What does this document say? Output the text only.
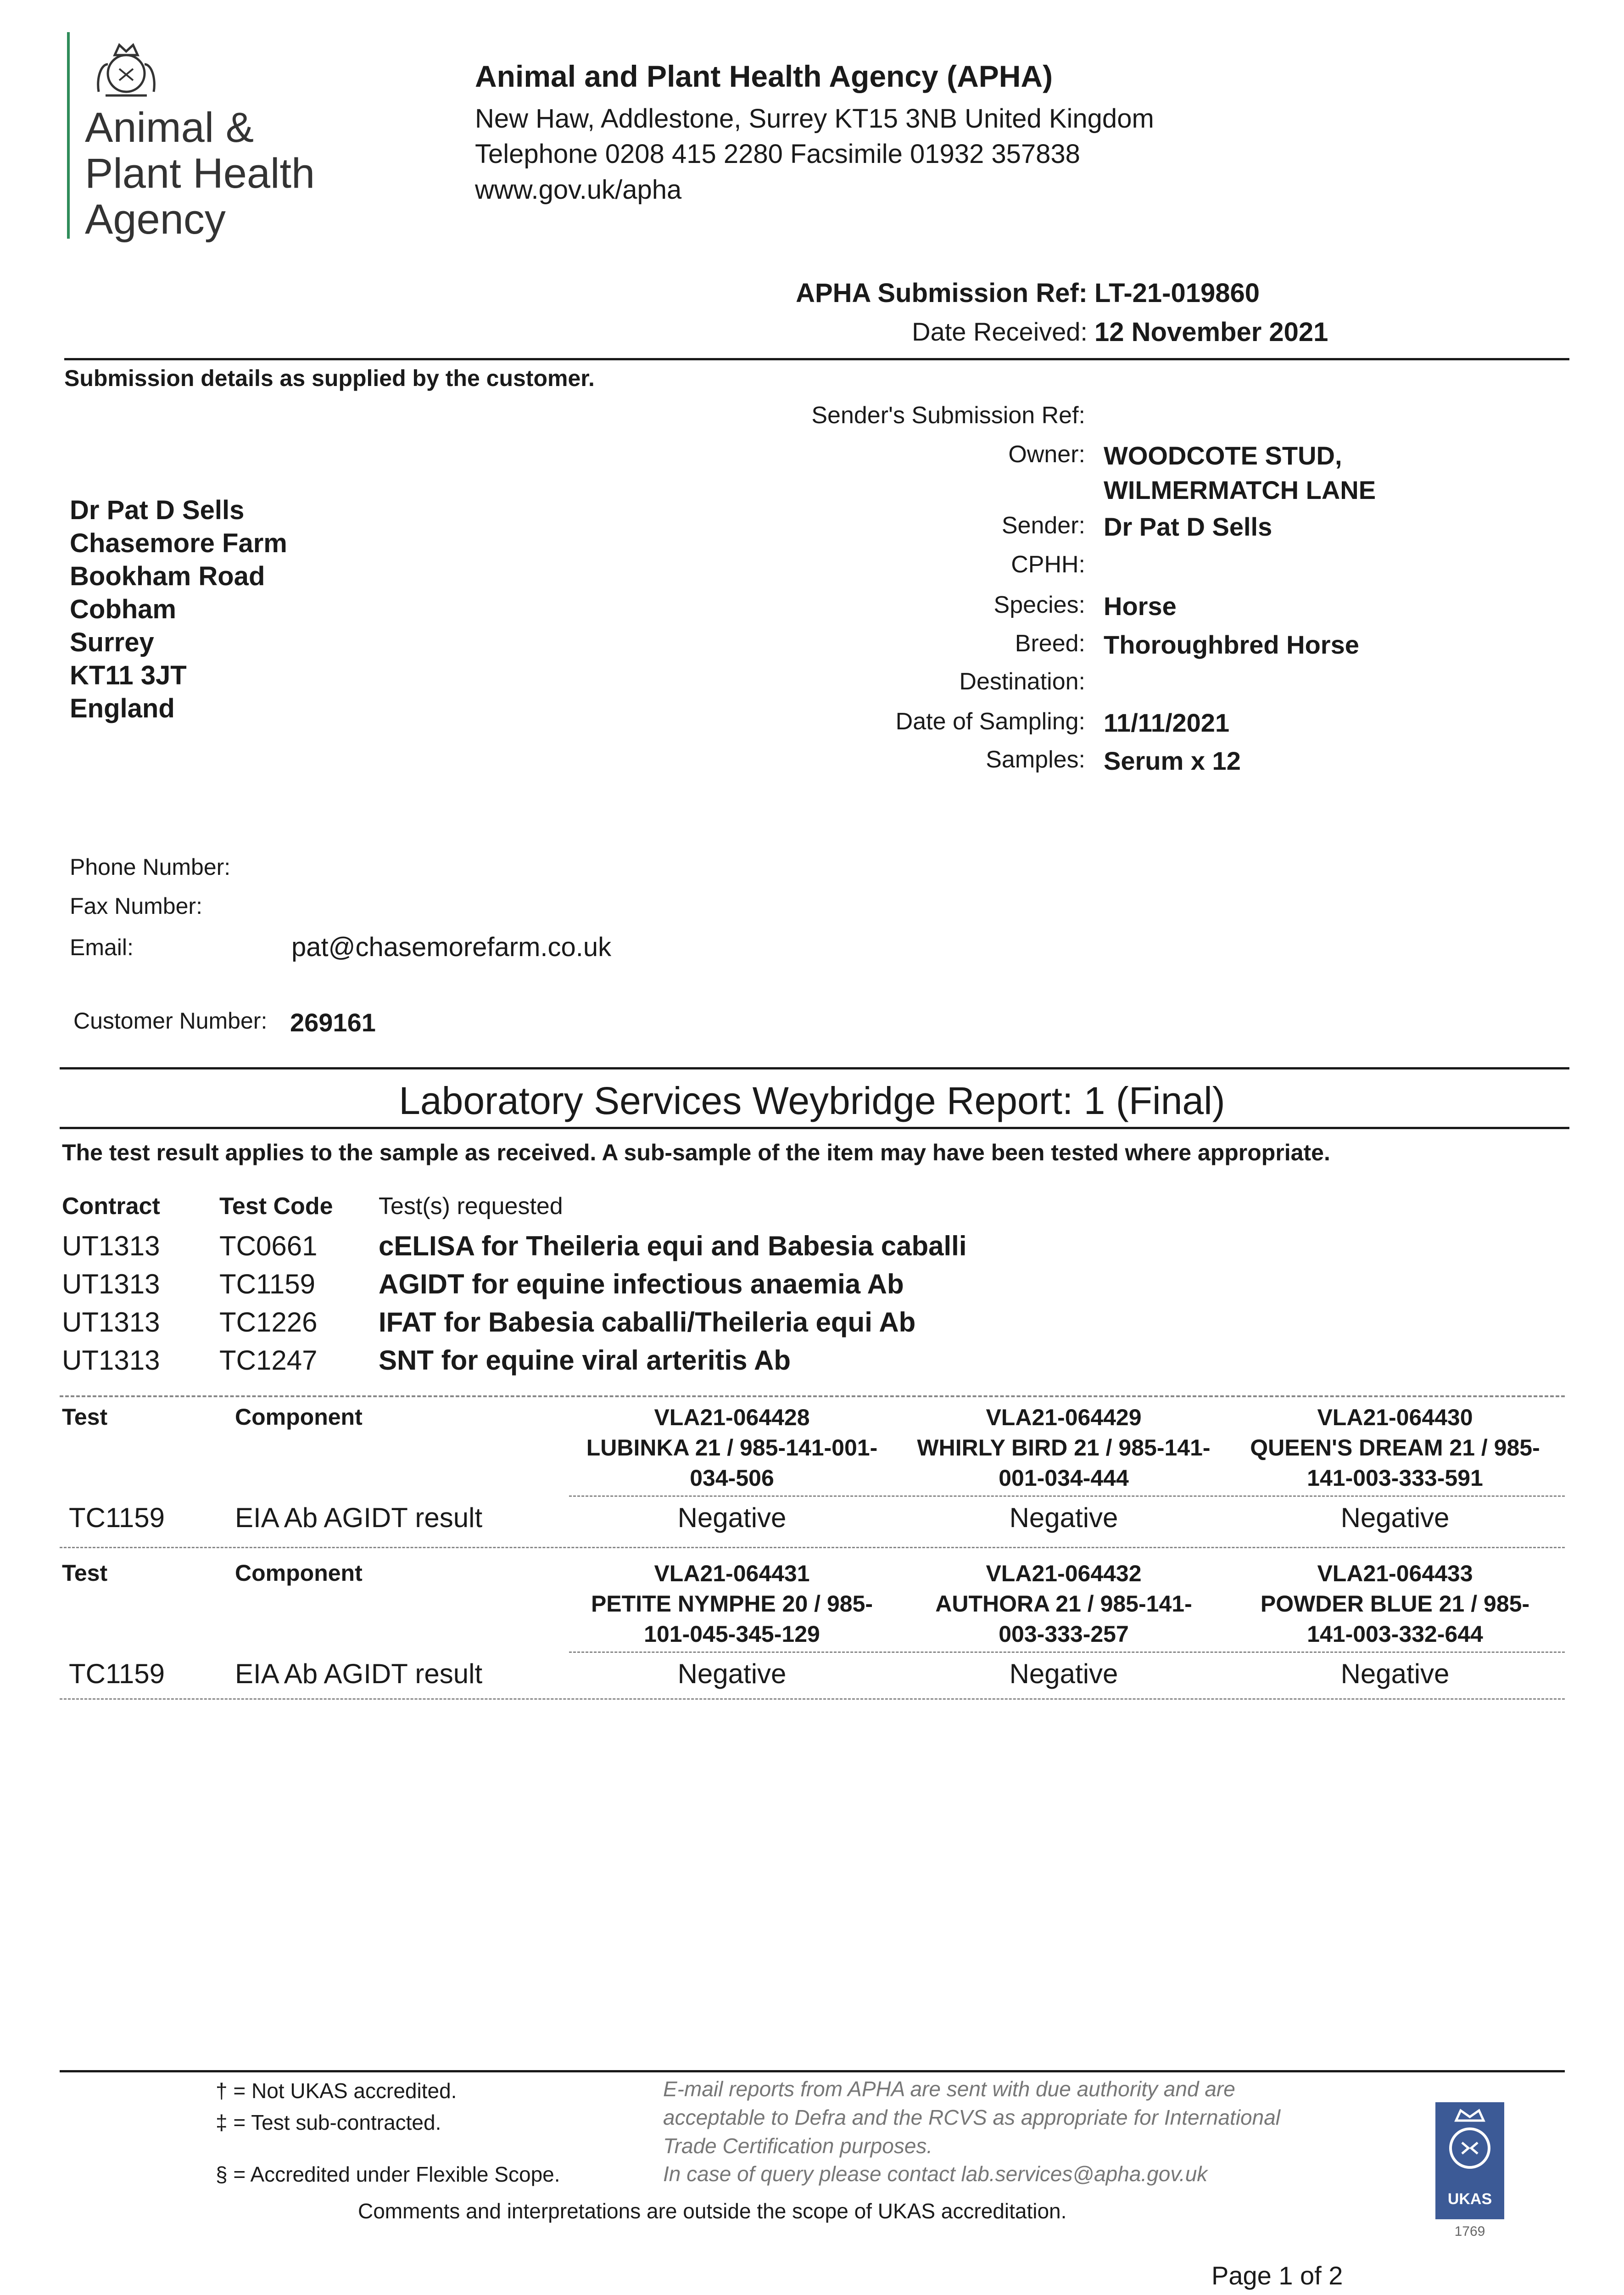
Animal &
Plant Health
Agency
Animal and Plant Health Agency (APHA)
New Haw, Addlestone, Surrey KT15 3NB United Kingdom
Telephone 0208 415 2280 Facsimile 01932 357838
www.gov.uk/apha
APHA Submission Ref: LT-21-019860
Date Received: 12 November 2021
Submission details as supplied by the customer.
Sender's Submission Ref:
Owner: WOODCOTE STUD,
WILMERMATCH LANE
Sender: Dr Pat D Sells
CPHH:
Species: Horse
Breed: Thoroughbred Horse
Destination:
Date of Sampling: 11/11/2021
Samples: Serum x 12
Dr Pat D Sells
Chasemore Farm
Bookham Road
Cobham
Surrey
KT11 3JT
England
Phone Number:
Fax Number:
Email:	pat@chasemorefarm.co.uk
Customer Number: 269161
Laboratory Services Weybridge Report: 1 (Final)
The test result applies to the sample as received. A sub-sample of the item may have been tested where appropriate.
Contract Test Code Test(s) requested
UT1313 TC0661 cELISA for Theileria equi and Babesia caballi
UT1313 TC1159 AGIDT for equine infectious anaemia Ab
UT1313 TC1226 IFAT for Babesia caballi/Theileria equi Ab
UT1313 TC1247 SNT for equine viral arteritis Ab
Test	Component	VLA21-064428
LUBINKA 21 / 985-141-001-
034-506
VLA21-064429
WHIRLY BIRD 21 / 985-141-
001-034-444
VLA21-064430
QUEEN'S DREAM 21 / 985-
141-003-333-591
TC1159	EIA Ab AGIDT result	Negative	Negative	Negative
Test	Component	VLA21-064431
PETITE NYMPHE 20 / 985-
101-045-345-129
VLA21-064432
AUTHORA 21 / 985-141-
003-333-257
VLA21-064433
POWDER BLUE 21 / 985-
141-003-332-644
TC1159	EIA Ab AGIDT result	Negative	Negative	Negative
† = Not UKAS accredited.
‡ = Test sub-contracted.
§ = Accredited under Flexible Scope.
E-mail reports from APHA are sent with due authority and are
acceptable to Defra and the RCVS as appropriate for International
Trade Certification purposes.
In case of query please contact lab.services@apha.gov.uk
Comments and interpretations are outside the scope of UKAS accreditation.	UKAS
1769
Page 1 of 2
